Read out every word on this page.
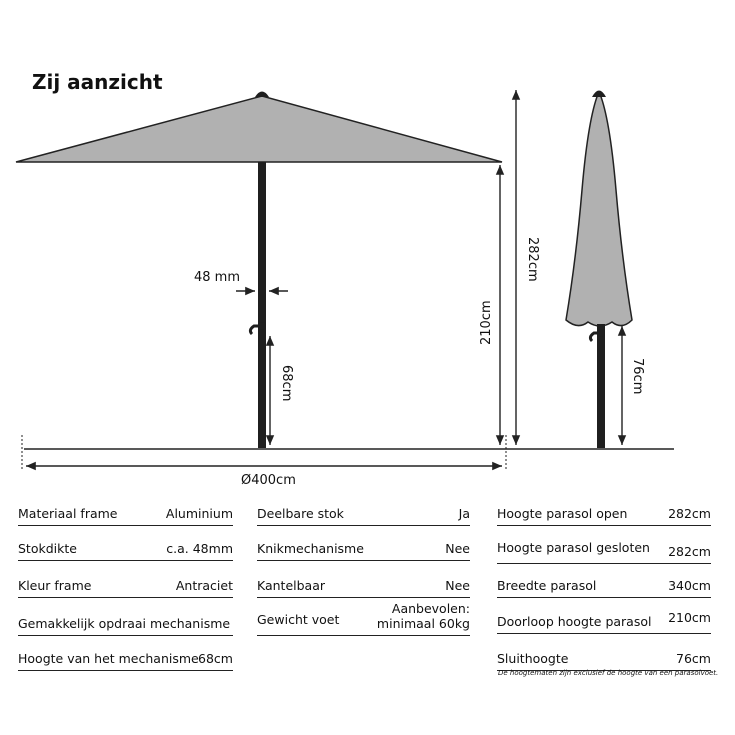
Zij aanzicht
48 mm
68cm
210cm
282cm
Ø400cm
76cm
Materiaal frame	Aluminium
Stokdikte	c.a. 48mm
Kleur frame	Antraciet
Gemakkelijk opdraai mechanisme
Hoogte van het mechanisme 68cm
Deelbare stok	Ja
Knikmechanisme	Nee
Kantelbaar	Nee
Gewicht voet
Aanbevolen:
minimaal 60kg
Hoogte parasol open	282cm
Hoogte parasol gesloten 282cm
Breedte parasol	340cm
Doorloop hoogte parasol 210cm
Sluithoogte	76cm
De hoogtematen zijn exclusief de hoogte van een parasolvoet.
